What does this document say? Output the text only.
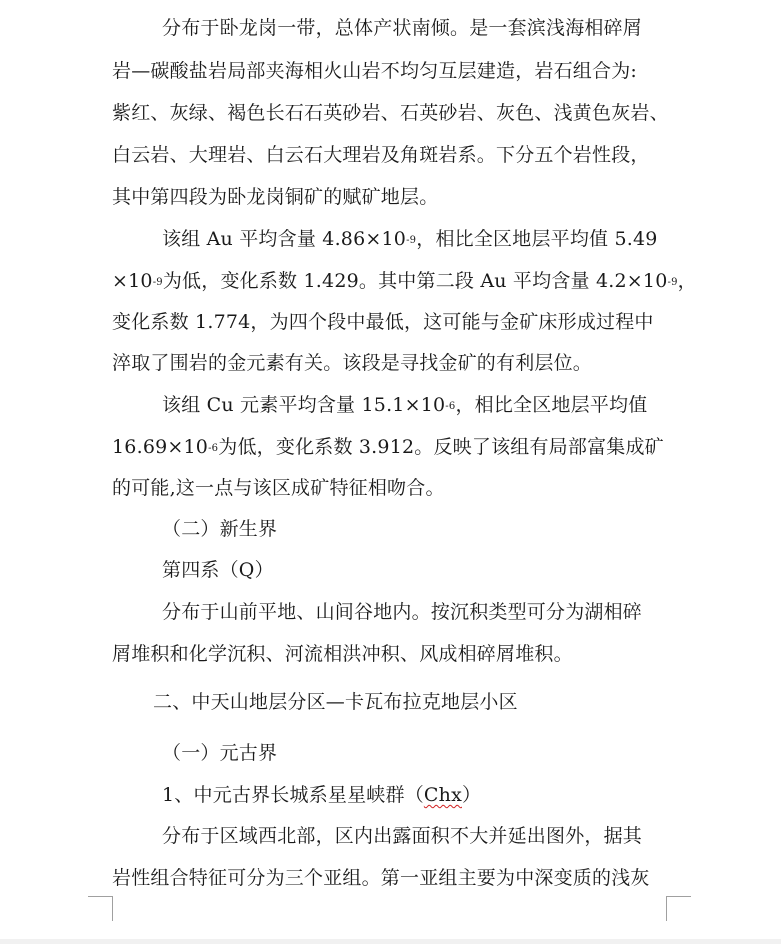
分布于卧龙岗一带，总体产状南倾。是一套滨浅海相碎屑
岩—碳酸盐岩局部夹海相火山岩不均匀互层建造，岩石组合为:
紫红、灰绿、褐色长石石英砂岩、石英砂岩、灰色、浅黄色灰岩、
白云岩、大理岩、白云石大理岩及角斑岩系。下分五个岩性段，
其中第四段为卧龙岗铜矿的赋矿地层。
该组 Au 平均含量 $4.86\times 10^{-9}$，相比全区地层平均值 5.49
$\times 10^{-9}$为低，变化系数 1.429。其中第二段 Au 平均含量 $4.2\times 10^{-9}$，
变化系数 1.774，为四个段中最低，这可能与金矿床形成过程中
淬取了围岩的金元素有关。该段是寻找金矿的有利层位。
该组 Cu 元素平均含量 $15.1\times 10^{-6}$，相比全区地层平均值
$16.69\times 10^{-6}$为低，变化系数 3.912。反映了该组有局部富集成矿
的可能,这一点与该区成矿特征相吻合。
（二）新生界
第四系（Q）
分布于山前平地、山间谷地内。按沉积类型可分为湖相碎
屑堆积和化学沉积、河流相洪冲积、风成相碎屑堆积。
二、中天山地层分区—卡瓦布拉克地层小区
（一）元古界
1、中元古界长城系星星峡群（Chx）
分布于区域西北部，区内出露面积不大并延出图外，据其
岩性组合特征可分为三个亚组。第一亚组主要为中深变质的浅灰
